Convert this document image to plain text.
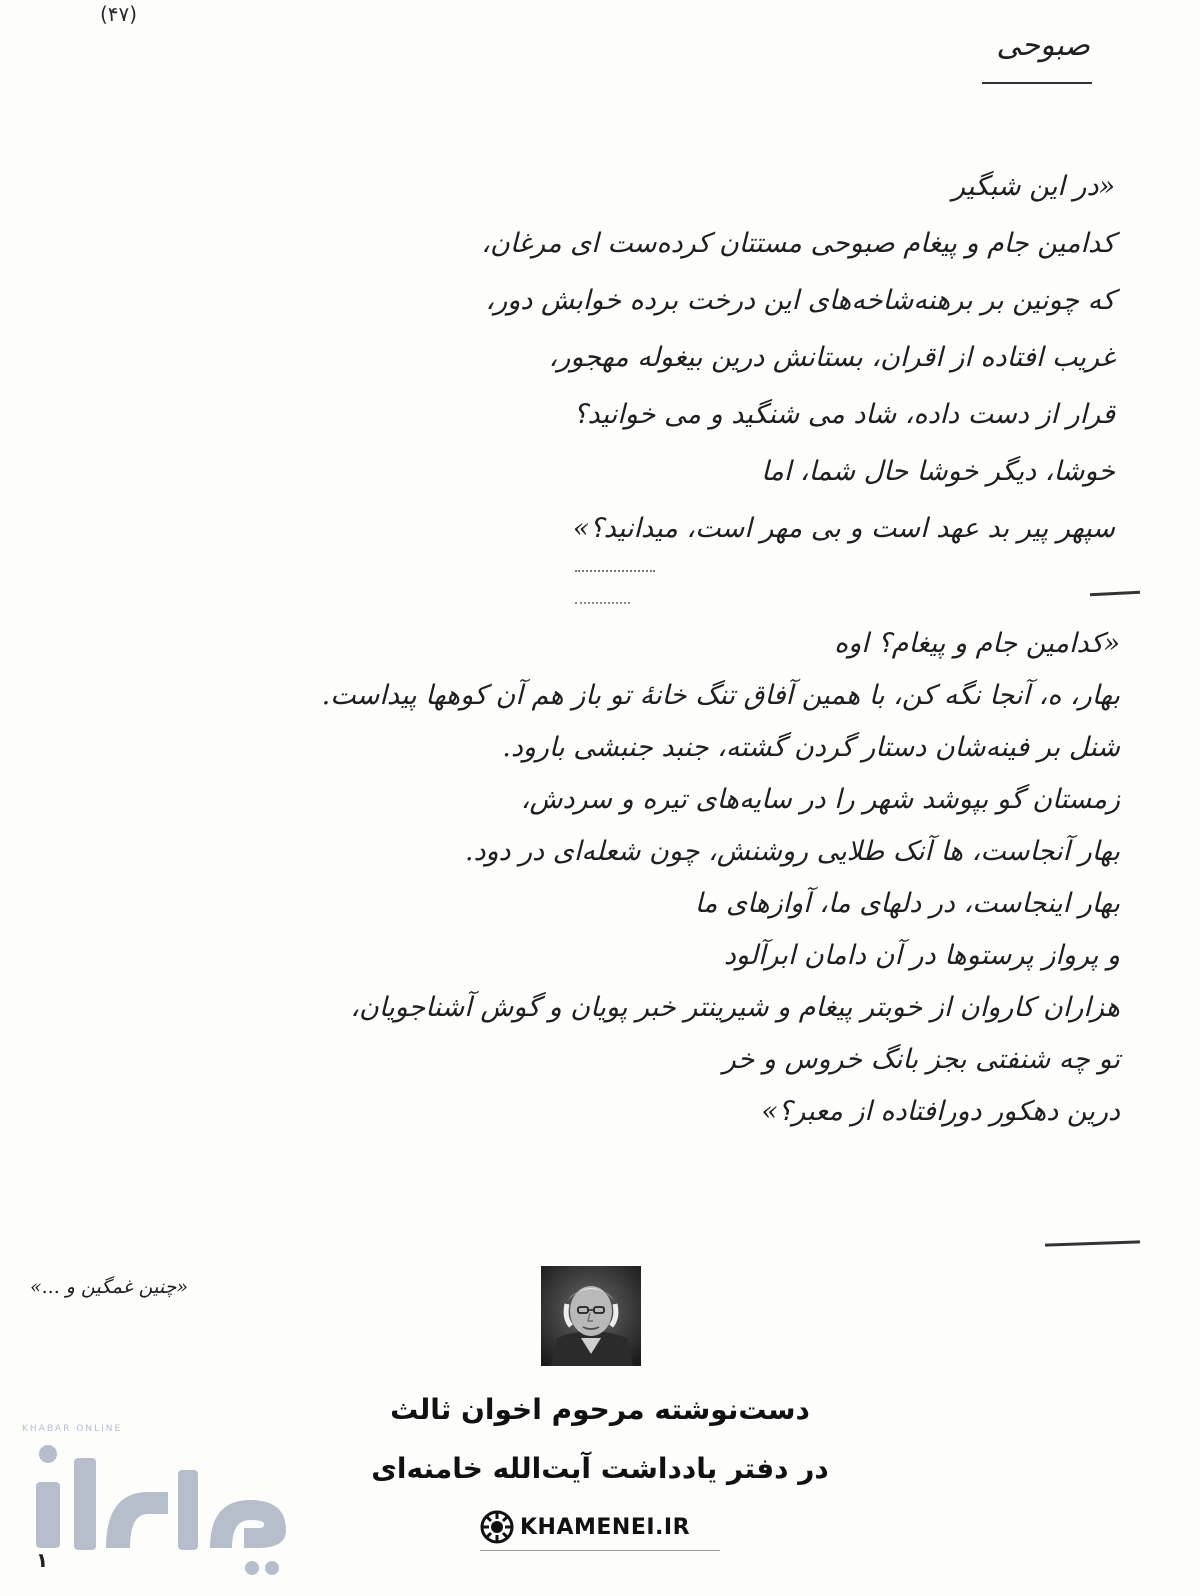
(۴۷)
صبوحی
«در این شبگیر
کدامین جام و پیغام صبوحی مستتان کرده‌ست ای مرغان،
که چونین بر برهنه‌شاخه‌های این درخت برده خوابش دور،
غریب افتاده از اقران، بستانش درین بیغوله مهجور،
قرار از دست داده، شاد می شنگید و می خوانید؟
خوشا، دیگر خوشا حال شما، اما
سپهر پیر بد عهد است و بی مهر است، میدانید؟»
«کدامین جام و پیغام؟ اوه
بهار، ‌ه، آنجا نگه کن، با همین آفاق تنگ خانهٔ تو باز هم آن کوهها پیداست.
شنل بر فینه‌شان دستار گردن گشته، جنبد جنبشی بارود.
زمستان گو بپوشد شهر را در سایه‌های تیره و سردش،
بهار آنجاست، ها آنک طلایی روشنش، چون شعله‌ای در دود.
بهار اینجاست، در دلهای ما، آوازهای ما
و پرواز پرستوها در آن دامان ابرآلود
هزاران کاروان از خوبتر پیغام و شیرینتر خبر پویان و گوش آشناجویان،
تو چه شنفتی بجز بانگ خروس و خر
درین دهکور دورافتاده از معبر؟»
«چنین غمگین و ...»
دست‌نوشته مرحوم اخوان ثالث
در دفتر یادداشت آیت‌الله خامنه‌ای
KHAMENEI.IR
KHABAR ONLINE
۱
